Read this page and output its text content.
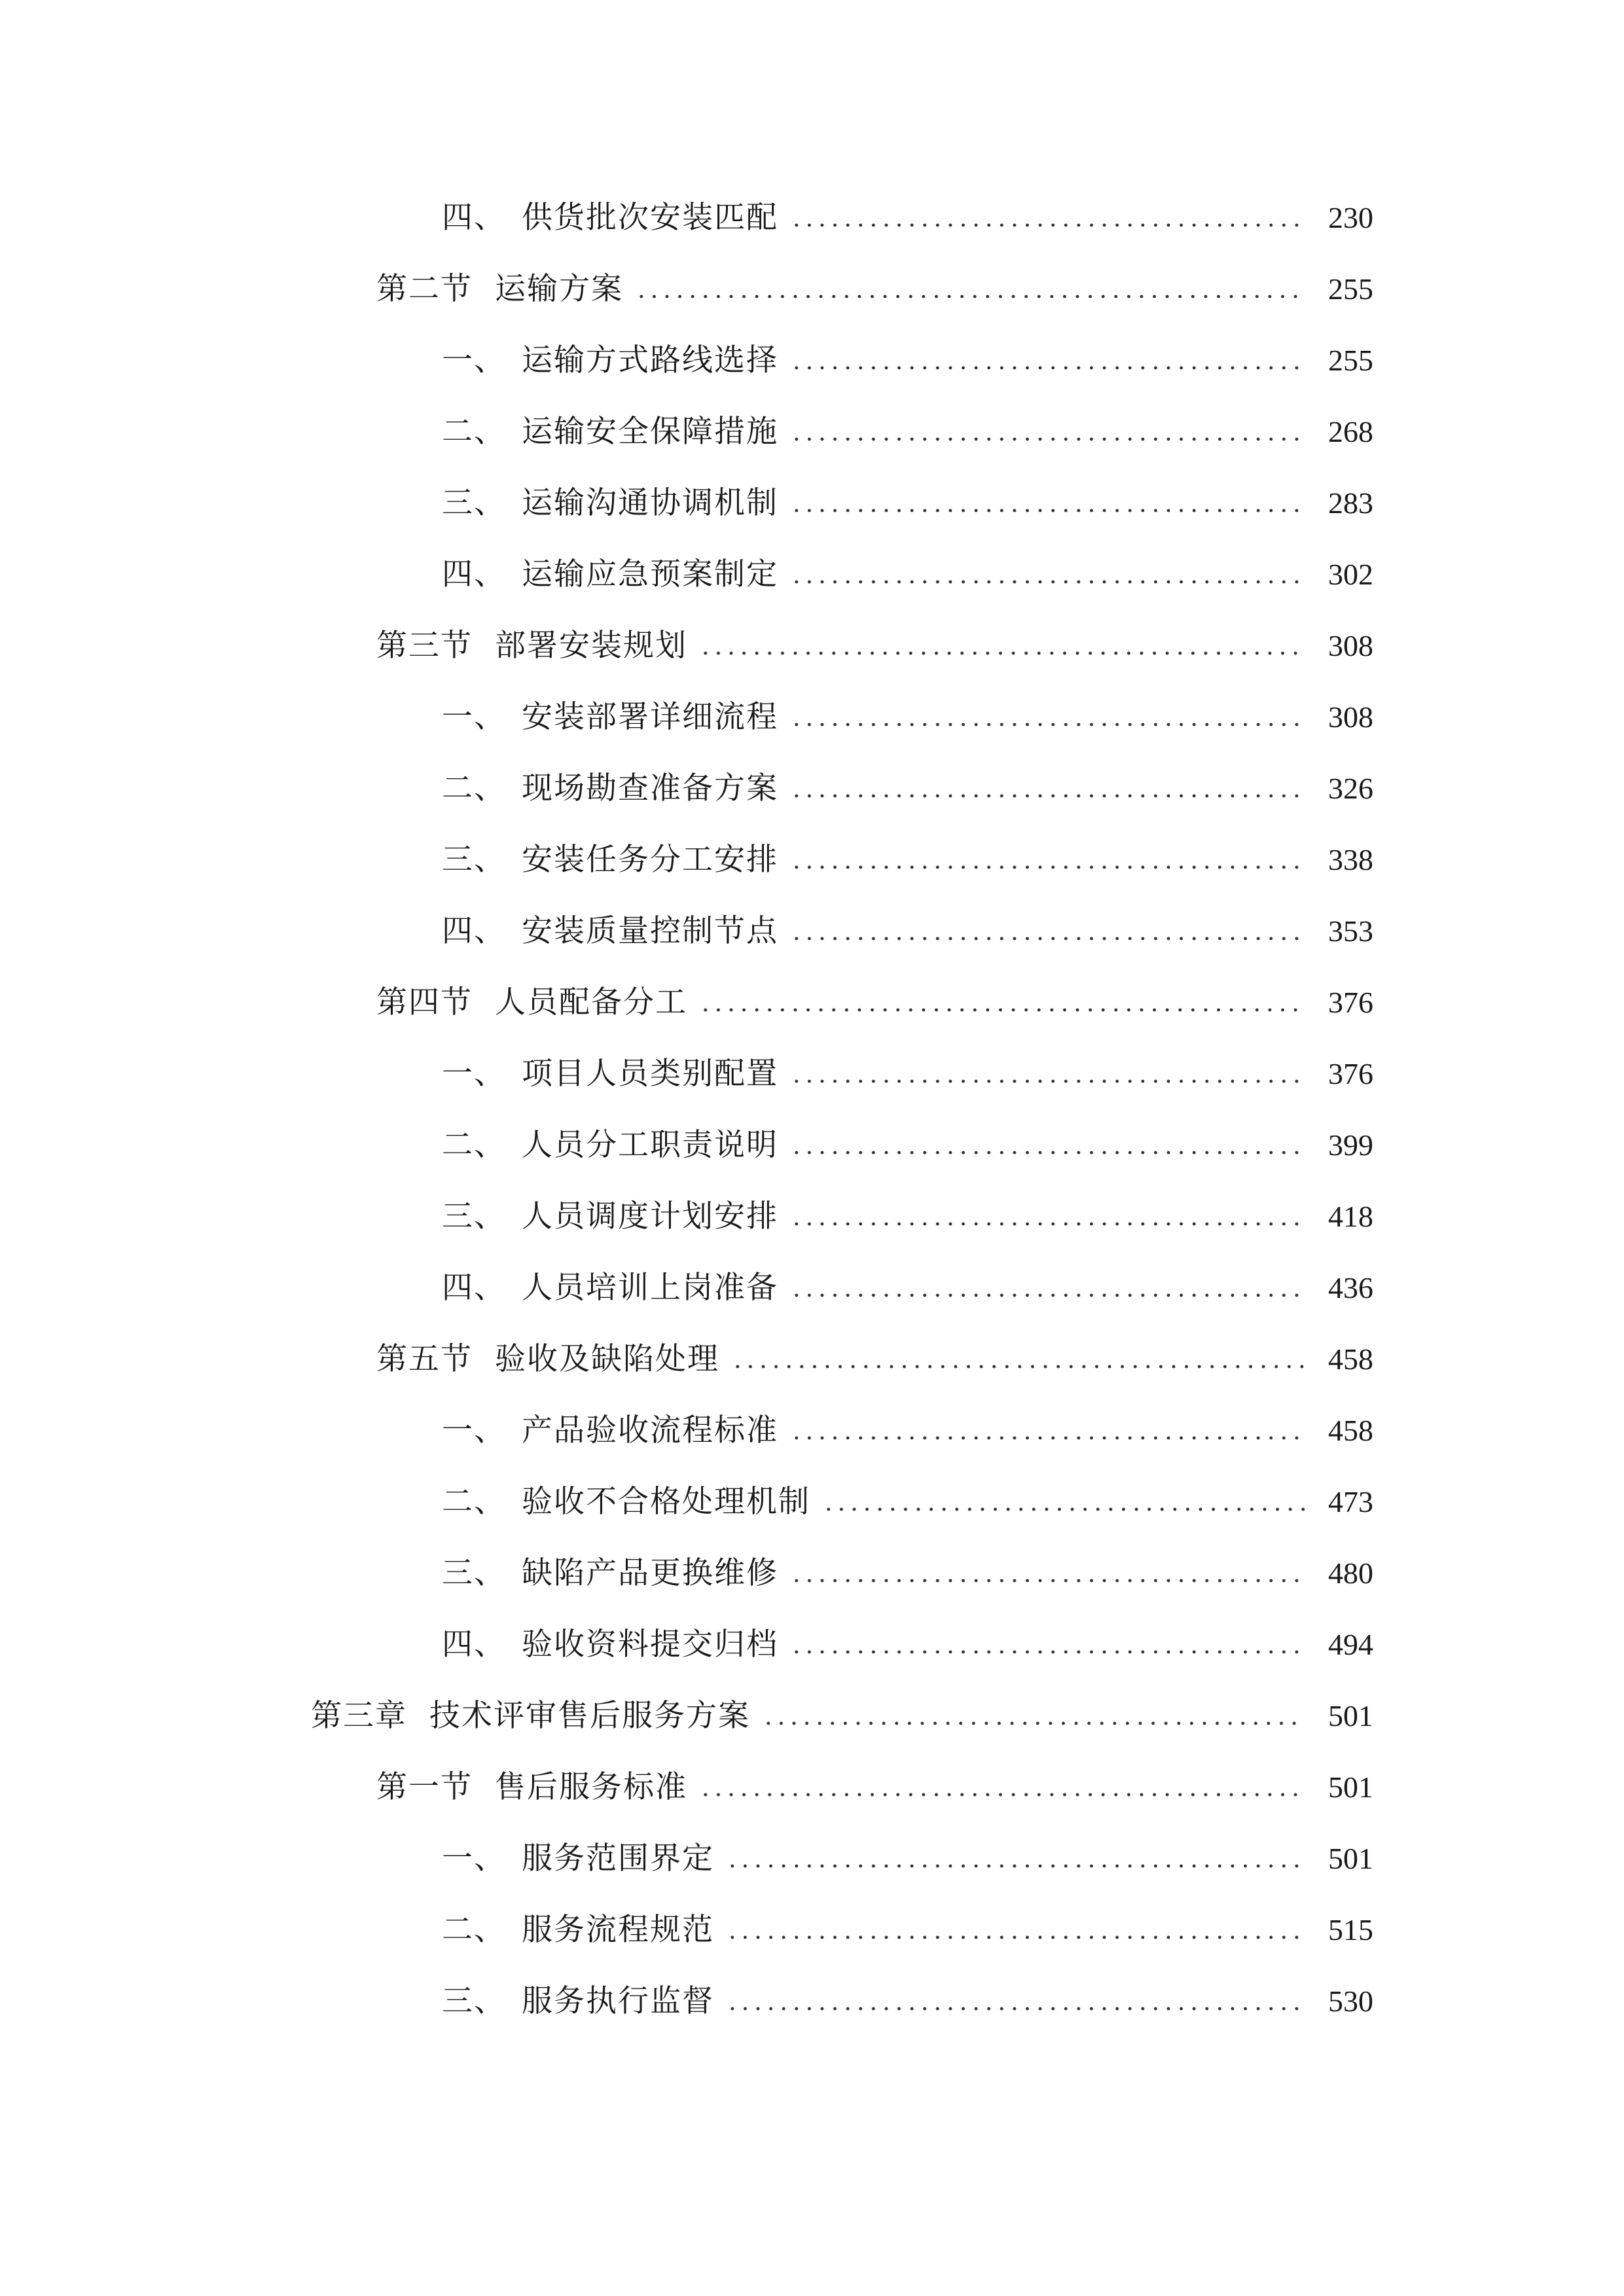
四、 供货批次安装匹配	230
第二节 运输方案	255
一、 运输方式路线选择	255
二、 运输安全保障措施	268
三、 运输沟通协调机制	283
四、 运输应急预案制定	302
第三节 部署安装规划	308
一、 安装部署详细流程	308
二、 现场勘查准备方案	326
三、 安装任务分工安排	338
四、 安装质量控制节点	353
第四节 人员配备分工	376
一、 项目人员类别配置	376
二、 人员分工职责说明	399
三、 人员调度计划安排	418
四、 人员培训上岗准备	436
第五节 验收及缺陷处理	458
一、 产品验收流程标准	458
二、 验收不合格处理机制	473
三、 缺陷产品更换维修	480
四、 验收资料提交归档	494
第三章 技术评审售后服务方案	501
第一节 售后服务标准	501
一、 服务范围界定	501
二、 服务流程规范	515
三、 服务执行监督	530
